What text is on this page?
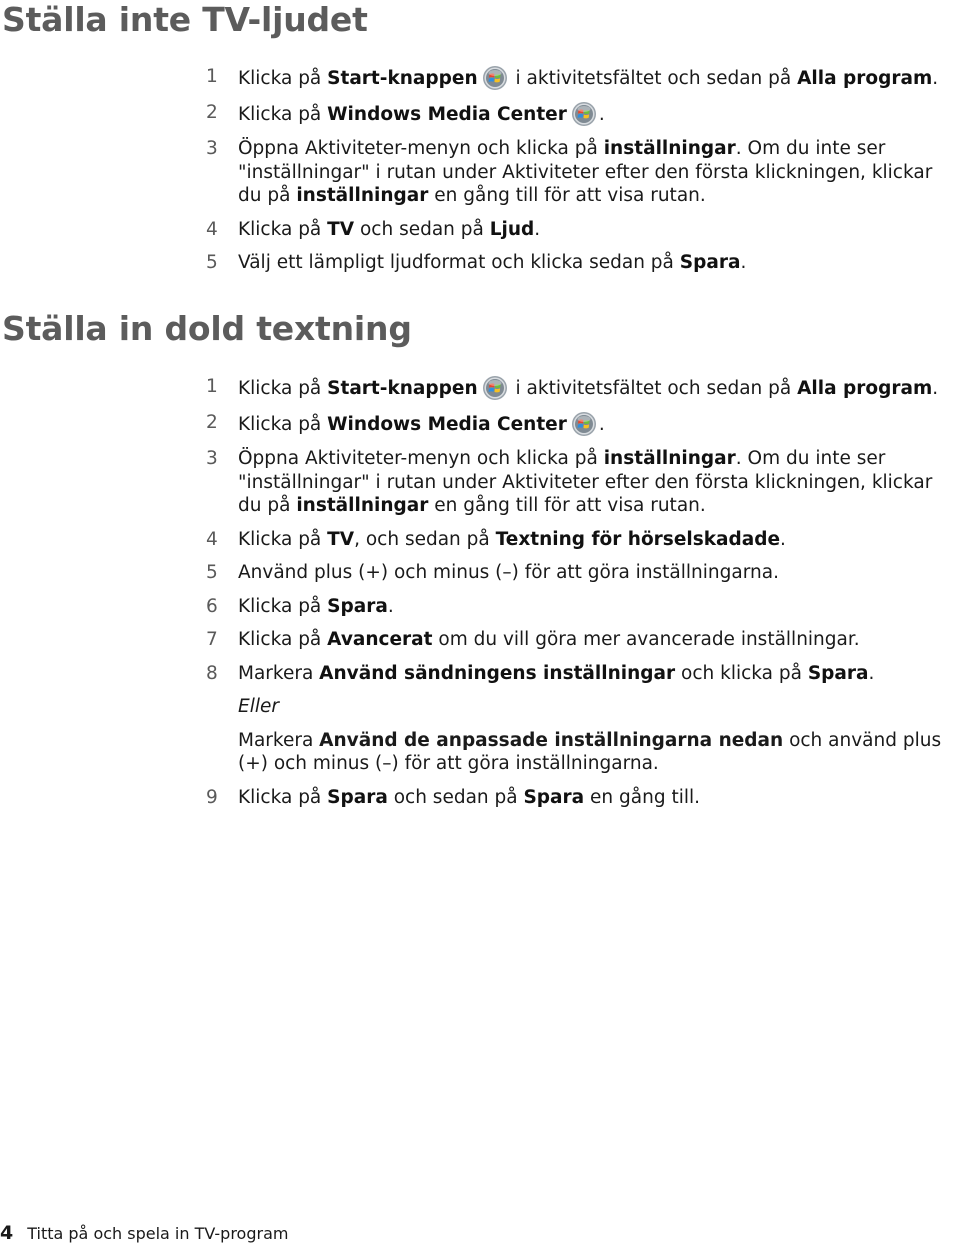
Ställa inte TV-ljudet
1	Klicka på Start-knappen i aktivitetsfältet och sedan på Alla program.
2	Klicka på Windows Media Center .
3	Öppna Aktiviteter-menyn och klicka på inställningar. Om du inte ser "inställningar" i rutan under Aktiviteter efter den första klickningen, klickar du på inställningar en gång till för att visa rutan.
4	Klicka på TV och sedan på Ljud.
5	Välj ett lämpligt ljudformat och klicka sedan på Spara.
Ställa in dold textning
1	Klicka på Start-knappen i aktivitetsfältet och sedan på Alla program.
2	Klicka på Windows Media Center .
3	Öppna Aktiviteter-menyn och klicka på inställningar. Om du inte ser "inställningar" i rutan under Aktiviteter efter den första klickningen, klickar du på inställningar en gång till för att visa rutan.
4	Klicka på TV, och sedan på Textning för hörselskadade.
5	Använd plus (+) och minus (–) för att göra inställningarna.
6	Klicka på Spara.
7	Klicka på Avancerat om du vill göra mer avancerade inställningar.
8	Markera Använd sändningens inställningar och klicka på Spara.
Eller
Markera Använd de anpassade inställningarna nedan och använd plus (+) och minus (–) för att göra inställningarna.
9	Klicka på Spara och sedan på Spara en gång till.
4 Titta på och spela in TV-program
